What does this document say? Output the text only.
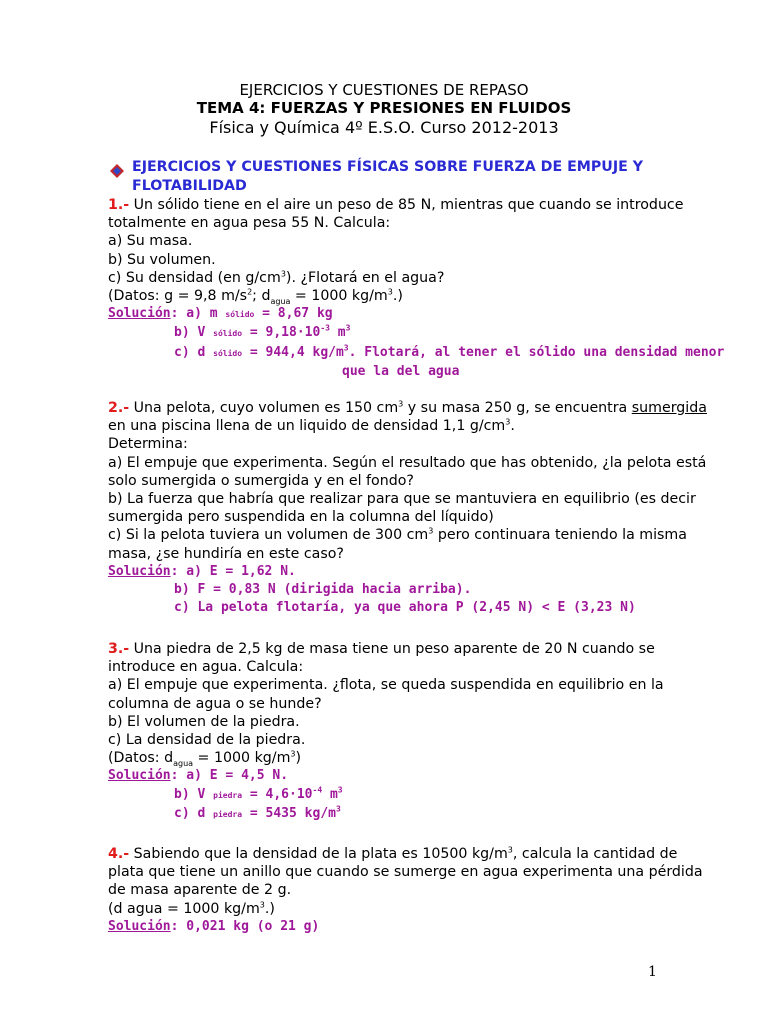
EJERCICIOS Y CUESTIONES DE REPASO
TEMA 4: FUERZAS Y PRESIONES EN FLUIDOS
Física y Química 4º E.S.O. Curso 2012-2013
EJERCICIOS Y CUESTIONES FÍSICAS SOBRE FUERZA DE EMPUJE Y FLOTABILIDAD
1.- Un sólido tiene en el aire un peso de 85 N, mientras que cuando se introduce
totalmente en agua pesa 55 N. Calcula:
a) Su masa.
b) Su volumen.
c) Su densidad (en $g/cm^3$). ¿Flotará en el agua?
(Datos: g = 9,8 $m/s^2$; $d_{agua} = 1000$ $kg/m^3$.)
Solución: a) m sólido = 8,67 kg
b) V sólido = $9,18\cdot 10^{-3}$ $m^3$
c) d sólido = 944,4 $kg/m^3$. Flotará, al tener el sólido una densidad menor
que la del agua
2.- Una pelota, cuyo volumen es 150 $cm^3$ y su masa 250 g, se encuentra sumergida
en una piscina llena de un liquido de densidad 1,1 $g/cm^3$.
Determina:
a) El empuje que experimenta. Según el resultado que has obtenido, ¿la pelota está
solo sumergida o sumergida y en el fondo?
b) La fuerza que habría que realizar para que se mantuviera en equilibrio (es decir
sumergida pero suspendida en la columna del líquido)
c) Si la pelota tuviera un volumen de 300 $cm^3$ pero continuara teniendo la misma
masa, ¿se hundiría en este caso?
Solución: a) E = 1,62 N.
b) F = 0,83 N (dirigida hacia arriba).
c) La pelota flotaría, ya que ahora P (2,45 N) < E (3,23 N)
3.- Una piedra de 2,5 kg de masa tiene un peso aparente de 20 N cuando se
introduce en agua. Calcula:
a) El empuje que experimenta. ¿flota, se queda suspendida en equilibrio en la
columna de agua o se hunde?
b) El volumen de la piedra.
c) La densidad de la piedra.
(Datos: $d_{agua} = 1000$ $kg/m^3$)
Solución: a) E = 4,5 N.
b) V piedra = $4,6\cdot 10^{-4}$ $m^3$
c) d piedra = 5435 $kg/m^3$
4.- Sabiendo que la densidad de la plata es 10500 $kg/m^3$, calcula la cantidad de
plata que tiene un anillo que cuando se sumerge en agua experimenta una pérdida
de masa aparente de 2 g.
(d agua = 1000 $kg/m^3$.)
Solución: 0,021 kg (o 21 g)
1
